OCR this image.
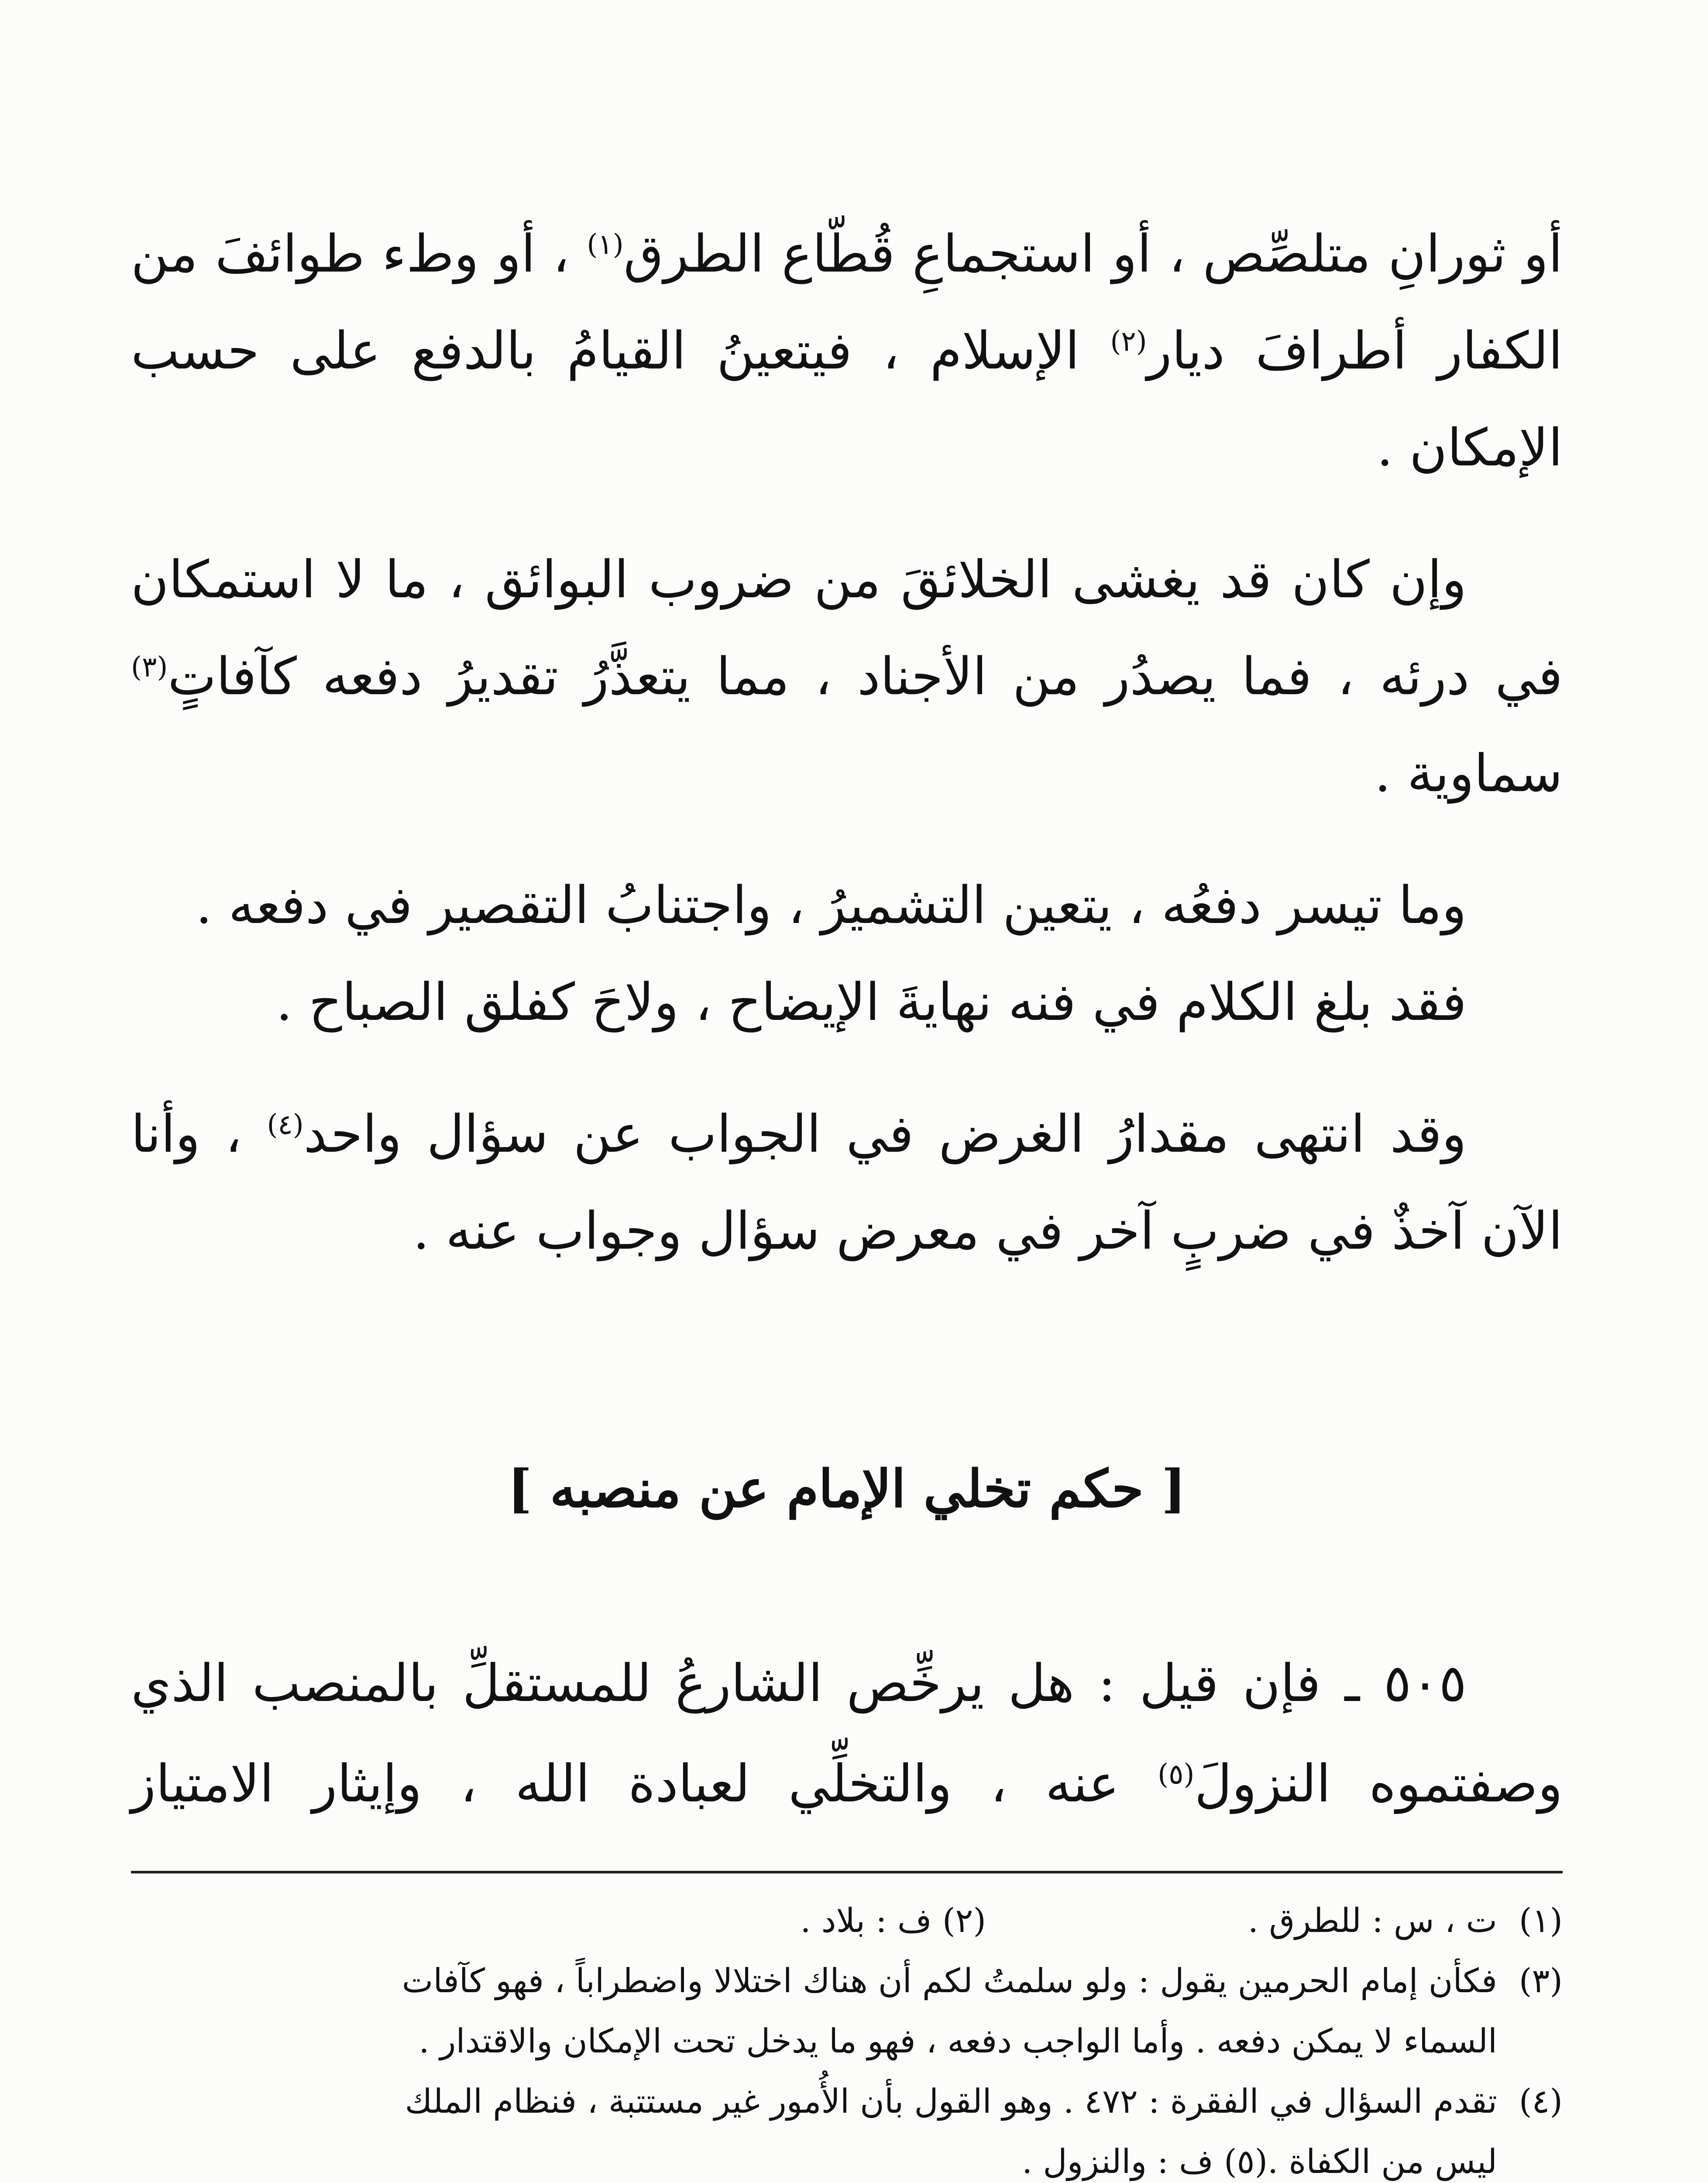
أو ثورانِ متلصِّص ، أو استجماعِ قُطّاع الطرق$^{(١)}$ ، أو وطء طوائفَ من الكفار أطرافَ ديار$^{(٢)}$ الإسلام ، فيتعينُ القيامُ بالدفع على حسب الإمكان .

وإن كان قد يغشى الخلائقَ من ضروب البوائق ، ما لا استمكان في درئه ، فما يصدُر من الأجناد ، مما يتعذَّرُ تقديرُ دفعه كآفاتٍ$^{(٣)}$ سماوية .

وما تيسر دفعُه ، يتعين التشميرُ ، واجتنابُ التقصير في دفعه .

فقد بلغ الكلام في فنه نهايةَ الإيضاح ، ولاحَ كفلق الصباح .

وقد انتهى مقدارُ الغرض في الجواب عن سؤال واحد$^{(٤)}$ ، وأنا الآن آخذٌ في ضربٍ آخر في معرض سؤال وجواب عنه .

[ حكم تخلي الإمام عن منصبه ]

٥٠٥ ـ فإن قيل : هل يرخِّص الشارعُ للمستقلِّ بالمنصب الذي وصفتموه النزولَ$^{(٥)}$ عنه ، والتخلِّي لعبادة الله ، وإيثار الامتياز

(١)ت ، س : للطرق .(٢) ف : بلاد .

(٣)فكأن إمام الحرمين يقول : ولو سلمتُ لكم أن هناك اختلالا واضطراباً ، فهو كآفات

السماء لا يمكن دفعه . وأما الواجب دفعه ، فهو ما يدخل تحت الإمكان والاقتدار .

(٤)تقدم السؤال في الفقرة : ٤٧٢ . وهو القول بأن الأُمور غير مستتبة ، فنظام الملك

ليس من الكفاة .(٥) ف : والنزول .
